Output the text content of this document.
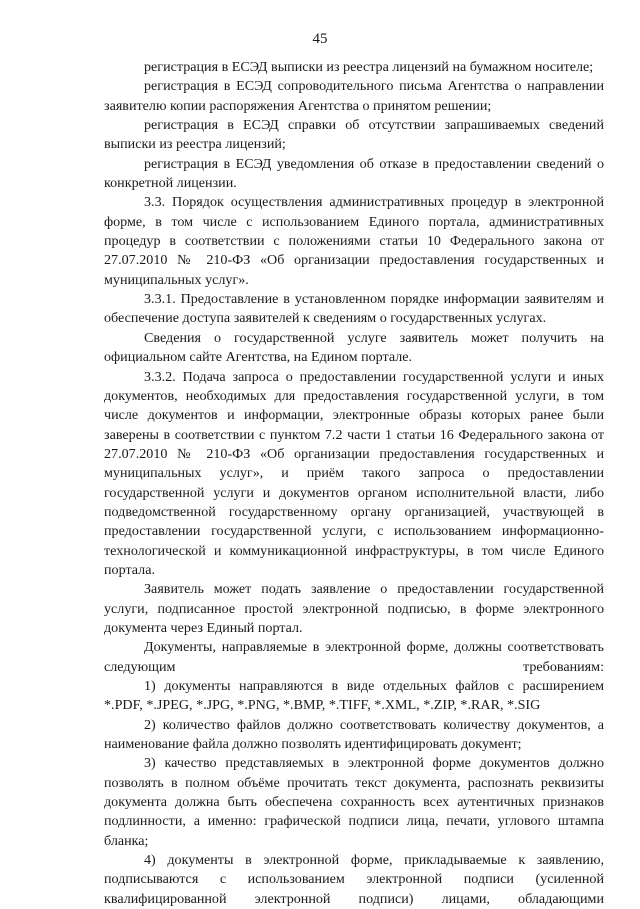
45

регистрация в ЕСЭД выписки из реестра лицензий на бумажном носителе;

регистрация в ЕСЭД сопроводительного письма Агентства о направлении заявителю копии распоряжения Агентства о принятом решении;

регистрация в ЕСЭД справки об отсутствии запрашиваемых сведений выписки из реестра лицензий;

регистрация в ЕСЭД уведомления об отказе в предоставлении сведений о конкретной лицензии.

3.3. Порядок осуществления административных процедур в электронной форме, в том числе с использованием Единого портала, административных процедур в соответствии с положениями статьи 10 Федерального закона от 27.07.2010 № 210-ФЗ «Об организации предоставления государственных и муниципальных услуг».

3.3.1. Предоставление в установленном порядке информации заявителям и обеспечение доступа заявителей к сведениям о государственных услугах.

Сведения о государственной услуге заявитель может получить на официальном сайте Агентства, на Едином портале.

3.3.2. Подача запроса о предоставлении государственной услуги и иных документов, необходимых для предоставления государственной услуги, в том числе документов и информации, электронные образы которых ранее были заверены в соответствии с пунктом 7.2 части 1 статьи 16 Федерального закона от 27.07.2010 № 210-ФЗ «Об организации предоставления государственных и муниципальных услуг», и приём такого запроса о предоставлении государственной услуги и документов органом исполнительной власти, либо подведомственной государственному органу организацией, участвующей в предоставлении государственной услуги, с использованием информационно-технологической и коммуникационной инфраструктуры, в том числе Единого портала.

Заявитель может подать заявление о предоставлении государственной услуги, подписанное простой электронной подписью, в форме электронного документа через Единый портал.

Документы, направляемые в электронной форме, должны соответствовать следующим требованиям:

1) документы направляются в виде отдельных файлов с расширением *.PDF, *.JPEG, *.JPG, *.PNG, *.BMP, *.TIFF, *.XML, *.ZIP, *.RAR, *.SIG

2) количество файлов должно соответствовать количеству документов, а наименование файла должно позволять идентифицировать документ;

3) качество представляемых в электронной форме документов должно позволять в полном объёме прочитать текст документа, распознать реквизиты документа должна быть обеспечена сохранность всех аутентичных признаков подлинности, а именно: графической подписи лица, печати, углового штампа бланка;

4) документы в электронной форме, прикладываемые к заявлению, подписываются с использованием электронной подписи (усиленной квалифицированной электронной подписи) лицами, обладающими
